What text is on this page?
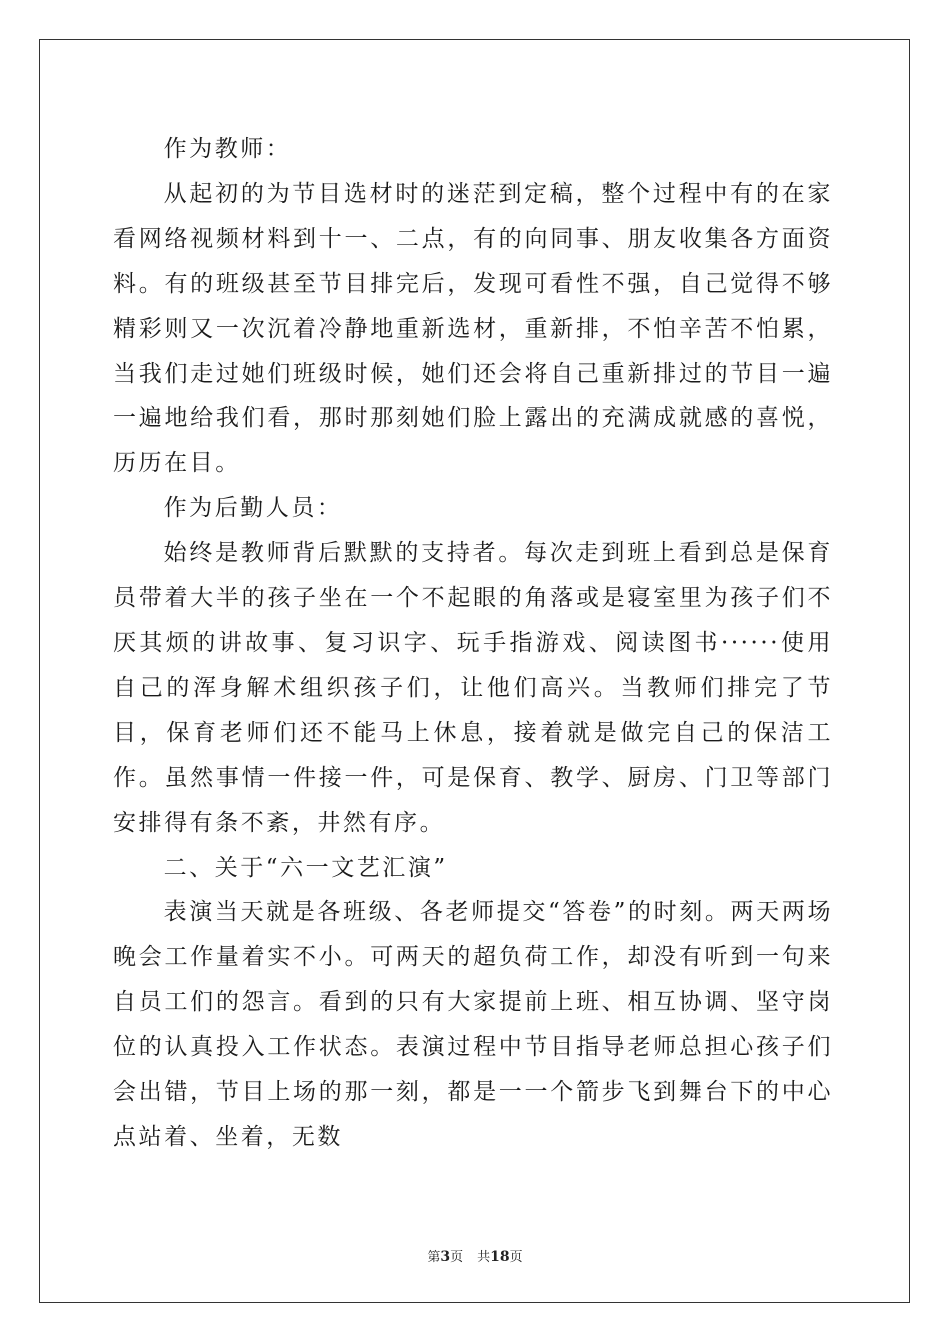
作为教师：

从起初的为节目选材时的迷茫到定稿，整个过程中有的在家看网络视频材料到十一、二点，有的向同事、朋友收集各方面资料。有的班级甚至节目排完后，发现可看性不强，自己觉得不够精彩则又一次沉着冷静地重新选材，重新排，不怕辛苦不怕累，当我们走过她们班级时候，她们还会将自己重新排过的节目一遍一遍地给我们看，那时那刻她们脸上露出的充满成就感的喜悦，历历在目。

作为后勤人员：

始终是教师背后默默的支持者。每次走到班上看到总是保育员带着大半的孩子坐在一个不起眼的角落或是寝室里为孩子们不厌其烦的讲故事、复习识字、玩手指游戏、阅读图书······使用自己的浑身解术组织孩子们，让他们高兴。当教师们排完了节目，保育老师们还不能马上休息，接着就是做完自己的保洁工作。虽然事情一件接一件，可是保育、教学、厨房、门卫等部门安排得有条不紊，井然有序。

二、关于“六一文艺汇演”

表演当天就是各班级、各老师提交“答卷”的时刻。两天两场晚会工作量着实不小。可两天的超负荷工作，却没有听到一句来自员工们的怨言。看到的只有大家提前上班、相互协调、坚守岗位的认真投入工作状态。表演过程中节目指导老师总担心孩子们会出错，节目上场的那一刻，都是一一个箭步飞到舞台下的中心点站着、坐着，无数

第3页 共18页
